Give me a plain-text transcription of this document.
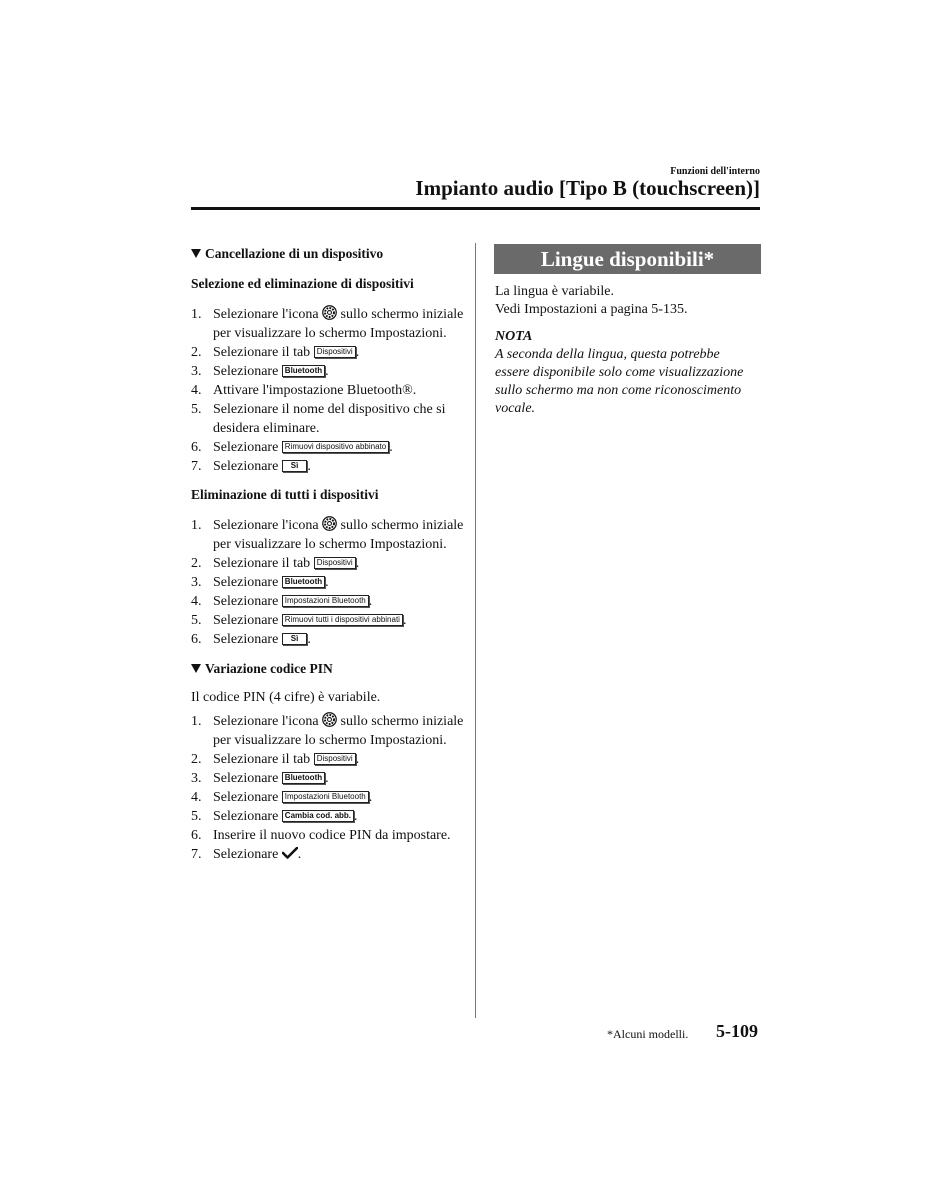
Funzioni dell'interno
Impianto audio [Tipo B (touchscreen)]
Cancellazione di un dispositivo
Selezione ed eliminazione di dispositivi
1. Selezionare l'icona sullo schermo iniziale per visualizzare lo schermo Impostazioni.
2. Selezionare il tab Dispositivi .
3. Selezionare Bluetooth .
4. Attivare l'impostazione Bluetooth®.
5. Selezionare il nome del dispositivo che si desidera eliminare.
6. Selezionare Rimuovi dispositivo abbinato .
7. Selezionare Sì .
Eliminazione di tutti i dispositivi
1. Selezionare l'icona sullo schermo iniziale per visualizzare lo schermo Impostazioni.
2. Selezionare il tab Dispositivi .
3. Selezionare Bluetooth .
4. Selezionare Impostazioni Bluetooth .
5. Selezionare Rimuovi tutti i dispositivi abbinati .
6. Selezionare Sì .
Variazione codice PIN
Il codice PIN (4 cifre) è variabile.
1. Selezionare l'icona sullo schermo iniziale per visualizzare lo schermo Impostazioni.
2. Selezionare il tab Dispositivi .
3. Selezionare Bluetooth .
4. Selezionare Impostazioni Bluetooth .
5. Selezionare Cambia cod. abb. .
6. Inserire il nuovo codice PIN da impostare.
7. Selezionare .
Lingue disponibili*
La lingua è variabile.
Vedi Impostazioni a pagina 5-135.
NOTA
A seconda della lingua, questa potrebbe essere disponibile solo come visualizzazione sullo schermo ma non come riconoscimento vocale.
*Alcuni modelli. 5-109
